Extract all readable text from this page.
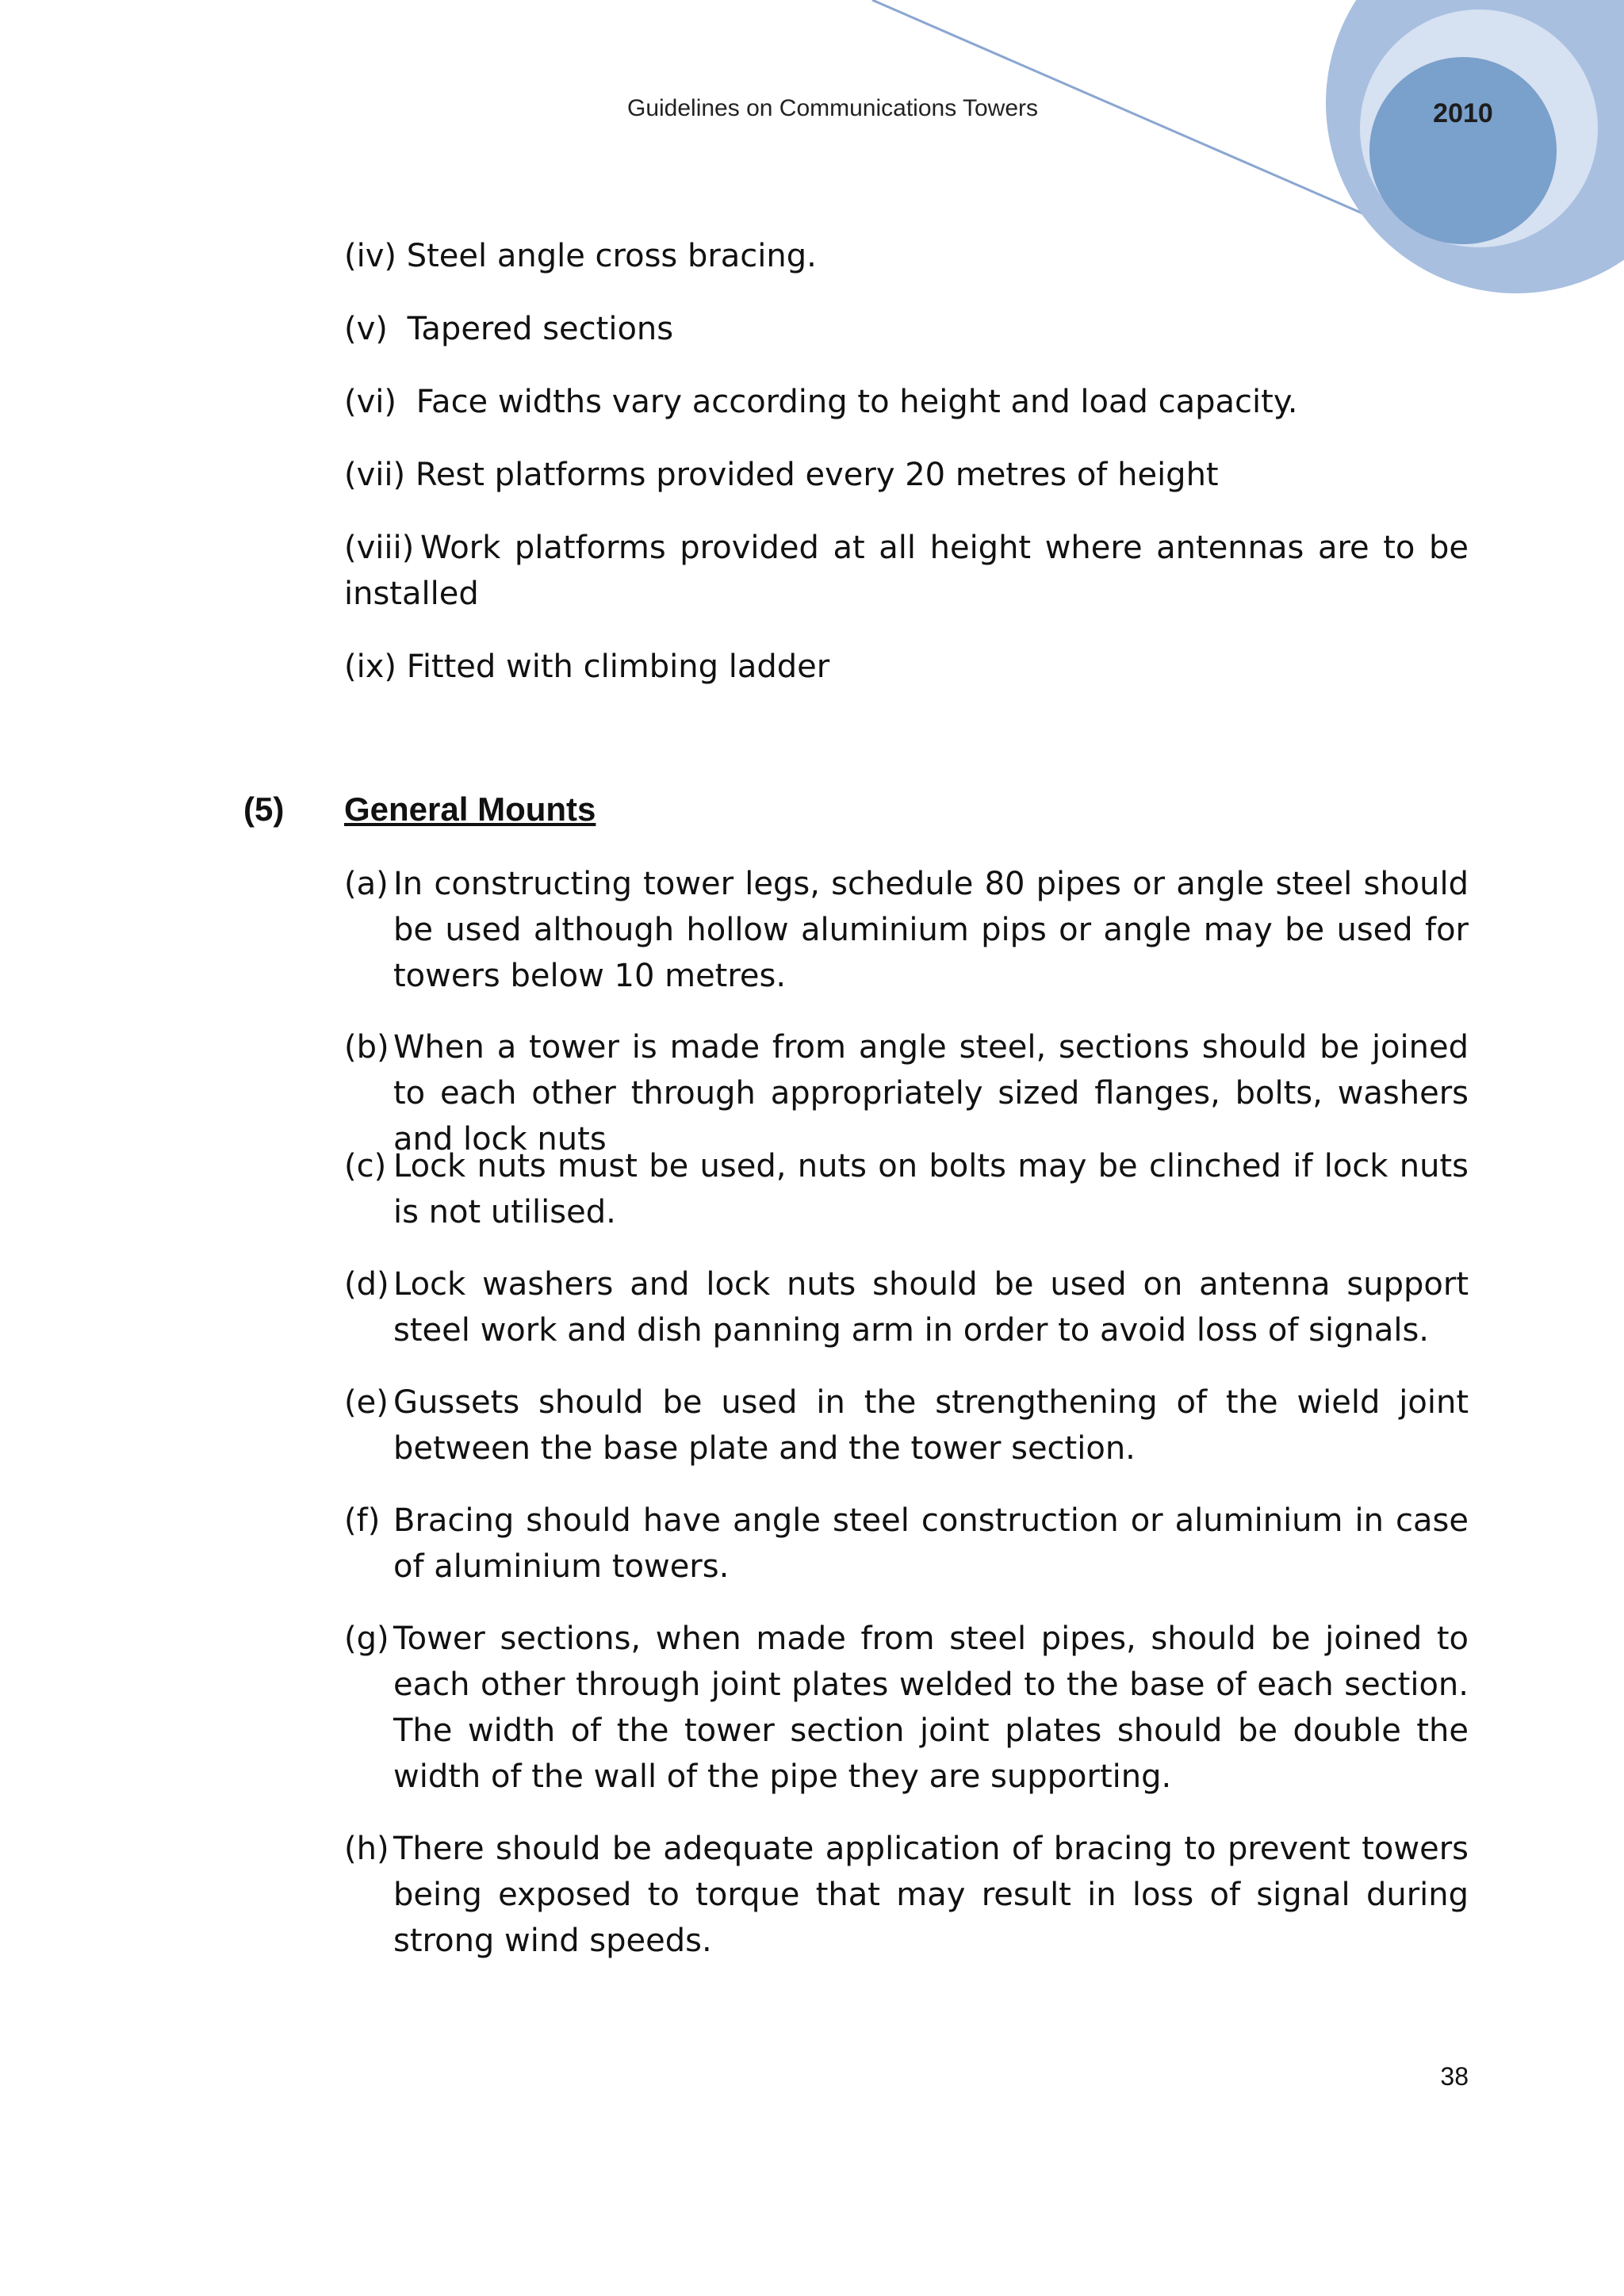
Guidelines on Communications Towers	2010
(iv) Steel angle cross bracing.
(v) Tapered sections
(vi) Face widths vary according to height and load capacity.
(vii) Rest platforms provided every 20 metres of height
(viii) Work platforms provided at all height where antennas are to be installed
(ix) Fitted with climbing ladder
(5) General Mounts
(a) In constructing tower legs, schedule 80 pipes or angle steel should be used although hollow aluminium pips or angle may be used for towers below 10 metres.
(b) When a tower is made from angle steel, sections should be joined to each other through appropriately sized flanges, bolts, washers and lock nuts
(c) Lock nuts must be used, nuts on bolts may be clinched if lock nuts is not utilised.
(d) Lock washers and lock nuts should be used on antenna support steel work and dish panning arm in order to avoid loss of signals.
(e) Gussets should be used in the strengthening of the wield joint between the base plate and the tower section.
(f) Bracing should have angle steel construction or aluminium in case of aluminium towers.
(g) Tower sections, when made from steel pipes, should be joined to each other through joint plates welded to the base of each section. The width of the tower section joint plates should be double the width of the wall of the pipe they are supporting.
(h) There should be adequate application of bracing to prevent towers being exposed to torque that may result in loss of signal during strong wind speeds.
38
